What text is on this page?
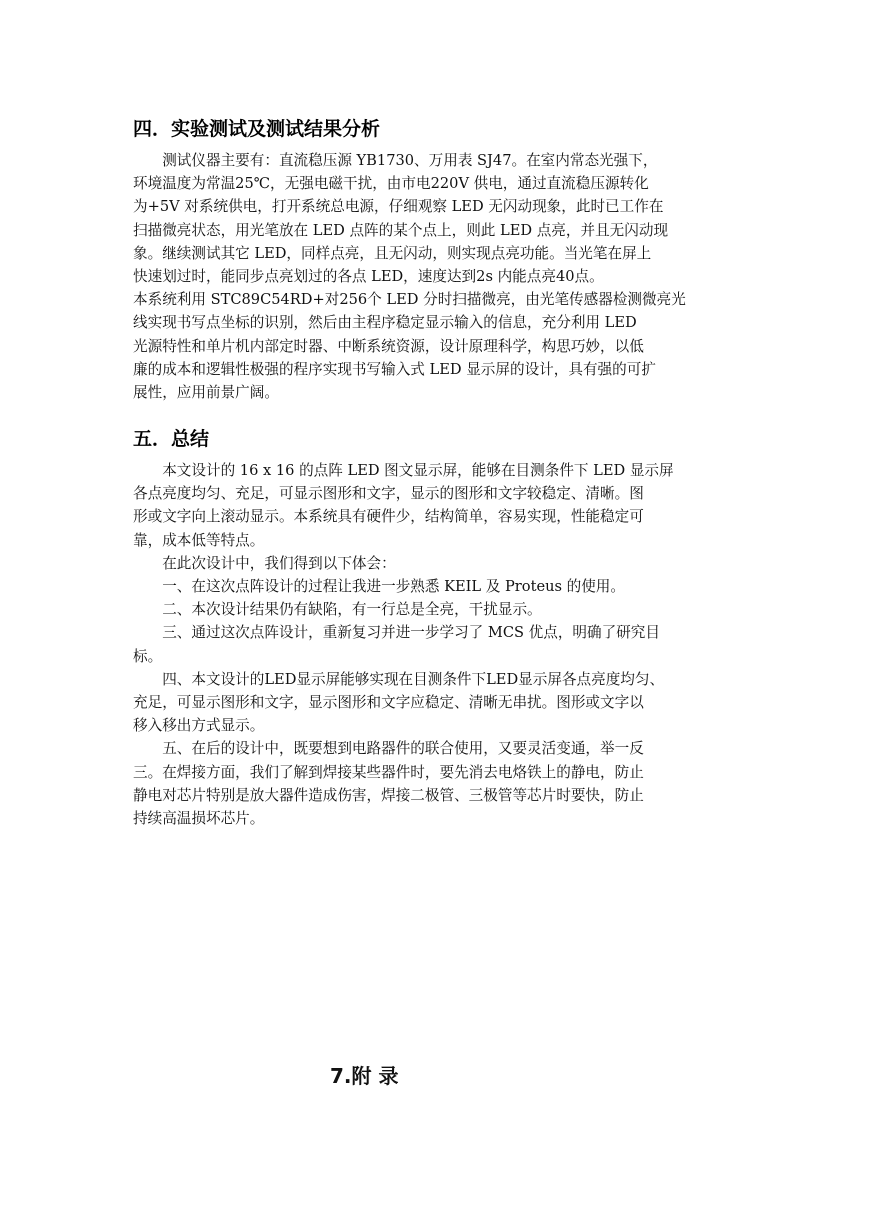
四．实验测试及测试结果分析

　　测试仪器主要有：直流稳压源 YB1730、万用表 SJ47。在室内常态光强下，

环境温度为常温25℃，无强电磁干扰，由市电220V 供电，通过直流稳压源转化

为+5V 对系统供电，打开系统总电源，仔细观察 LED 无闪动现象，此时已工作在

扫描微亮状态，用光笔放在 LED 点阵的某个点上，则此 LED 点亮，并且无闪动现

象。继续测试其它 LED，同样点亮，且无闪动，则实现点亮功能。当光笔在屏上

快速划过时，能同步点亮划过的各点 LED，速度达到2s 内能点亮40点。

本系统利用 STC89C54RD+对256个 LED 分时扫描微亮，由光笔传感器检测微亮光

线实现书写点坐标的识别，然后由主程序稳定显示输入的信息，充分利用 LED

光源特性和单片机内部定时器、中断系统资源，设计原理科学，构思巧妙，以低

廉的成本和逻辑性极强的程序实现书写输入式 LED 显示屏的设计，具有强的可扩

展性，应用前景广阔。

五．总结

　　本文设计的 16 x 16 的点阵 LED 图文显示屏，能够在目测条件下 LED 显示屏

各点亮度均匀、充足，可显示图形和文字，显示的图形和文字较稳定、清晰。图

形或文字向上滚动显示。本系统具有硬件少，结构简单，容易实现，性能稳定可

靠，成本低等特点。

　　在此次设计中，我们得到以下体会：

　　一、在这次点阵设计的过程让我进一步熟悉 KEIL 及 Proteus 的使用。

　　二、本次设计结果仍有缺陷，有一行总是全亮，干扰显示。

　　三、通过这次点阵设计，重新复习并进一步学习了 MCS 优点，明确了研究目

标。

　　四、本文设计的LED显示屏能够实现在目测条件下LED显示屏各点亮度均匀、

充足，可显示图形和文字，显示图形和文字应稳定、清晰无串扰。图形或文字以

移入移出方式显示。

　　五、在后的设计中，既要想到电路器件的联合使用，又要灵活变通，举一反

三。在焊接方面，我们了解到焊接某些器件时，要先消去电烙铁上的静电，防止

静电对芯片特别是放大器件造成伤害，焊接二极管、三极管等芯片时要快，防止

持续高温损坏芯片。

7.附 录
